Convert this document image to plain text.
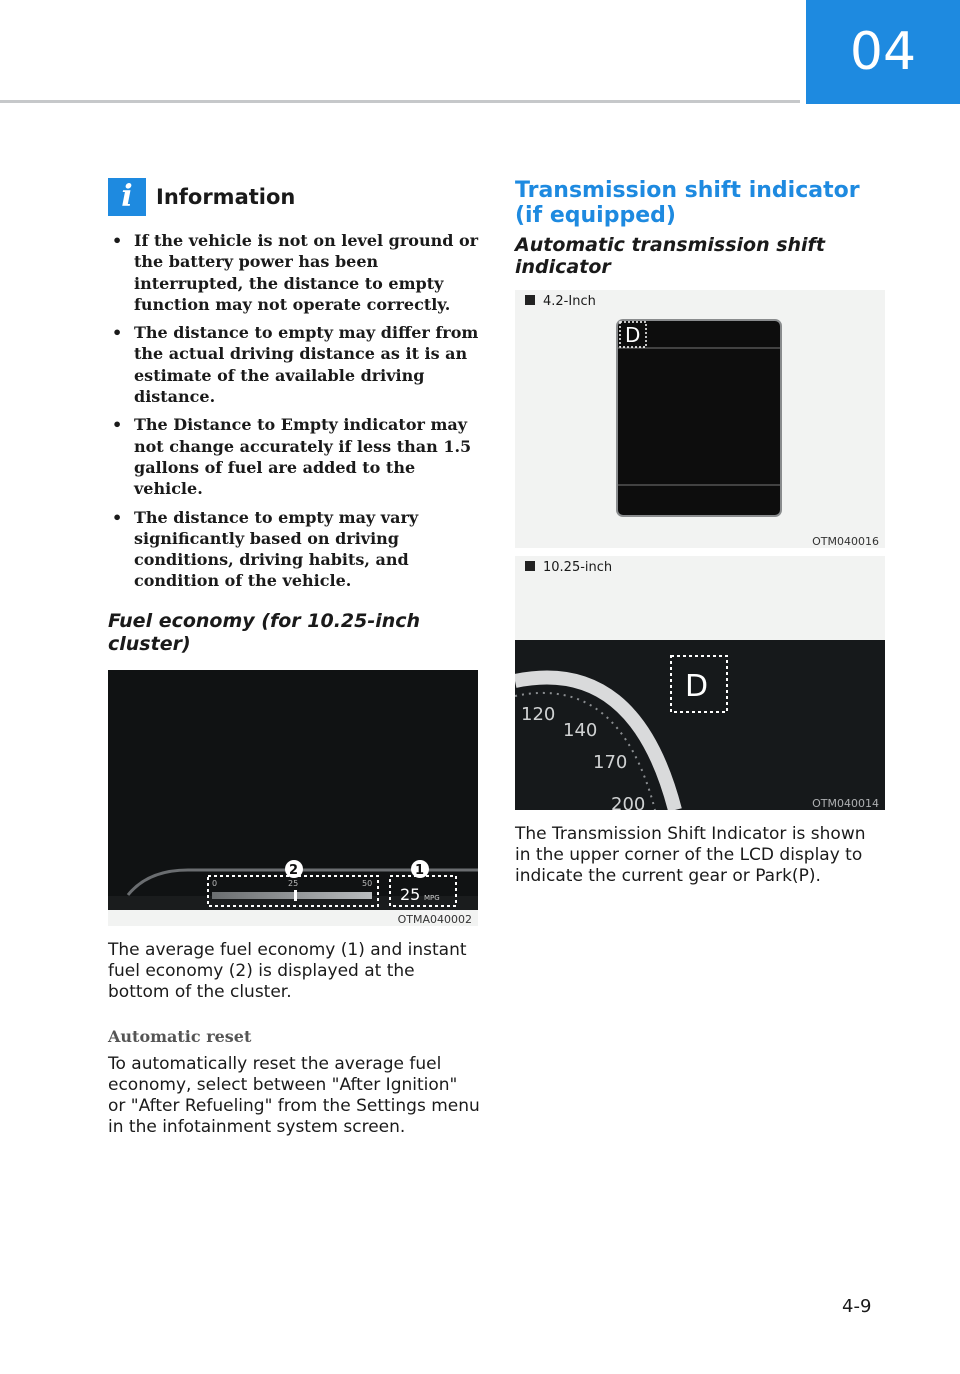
04
i	Information
• If the vehicle is not on level ground or the battery power has been interrupted, the distance to empty function may not operate correctly.
• The distance to empty may differ from the actual driving distance as it is an estimate of the available driving distance.
• The Distance to Empty indicator may not change accurately if less than 1.5 gallons of fuel are added to the vehicle.
• The distance to empty may vary significantly based on driving conditions, driving habits, and condition of the vehicle.
Fuel economy (for 10.25-inch cluster)
0	25	50
25 MPG
2	1
OTMA040002

The average fuel economy (1) and instant fuel economy (2) is displayed at the bottom of the cluster.

Automatic reset

To automatically reset the average fuel economy, select between "After Ignition" or "After Refueling" from the Settings menu in the infotainment system screen.

Transmission shift indicator (if equipped)
Automatic transmission shift indicator
4.2-Inch
D
OTM040016
10.25-inch
120
140
170
200
D
OTM040014

The Transmission Shift Indicator is shown in the upper corner of the LCD display to indicate the current gear or Park(P).

4-9
